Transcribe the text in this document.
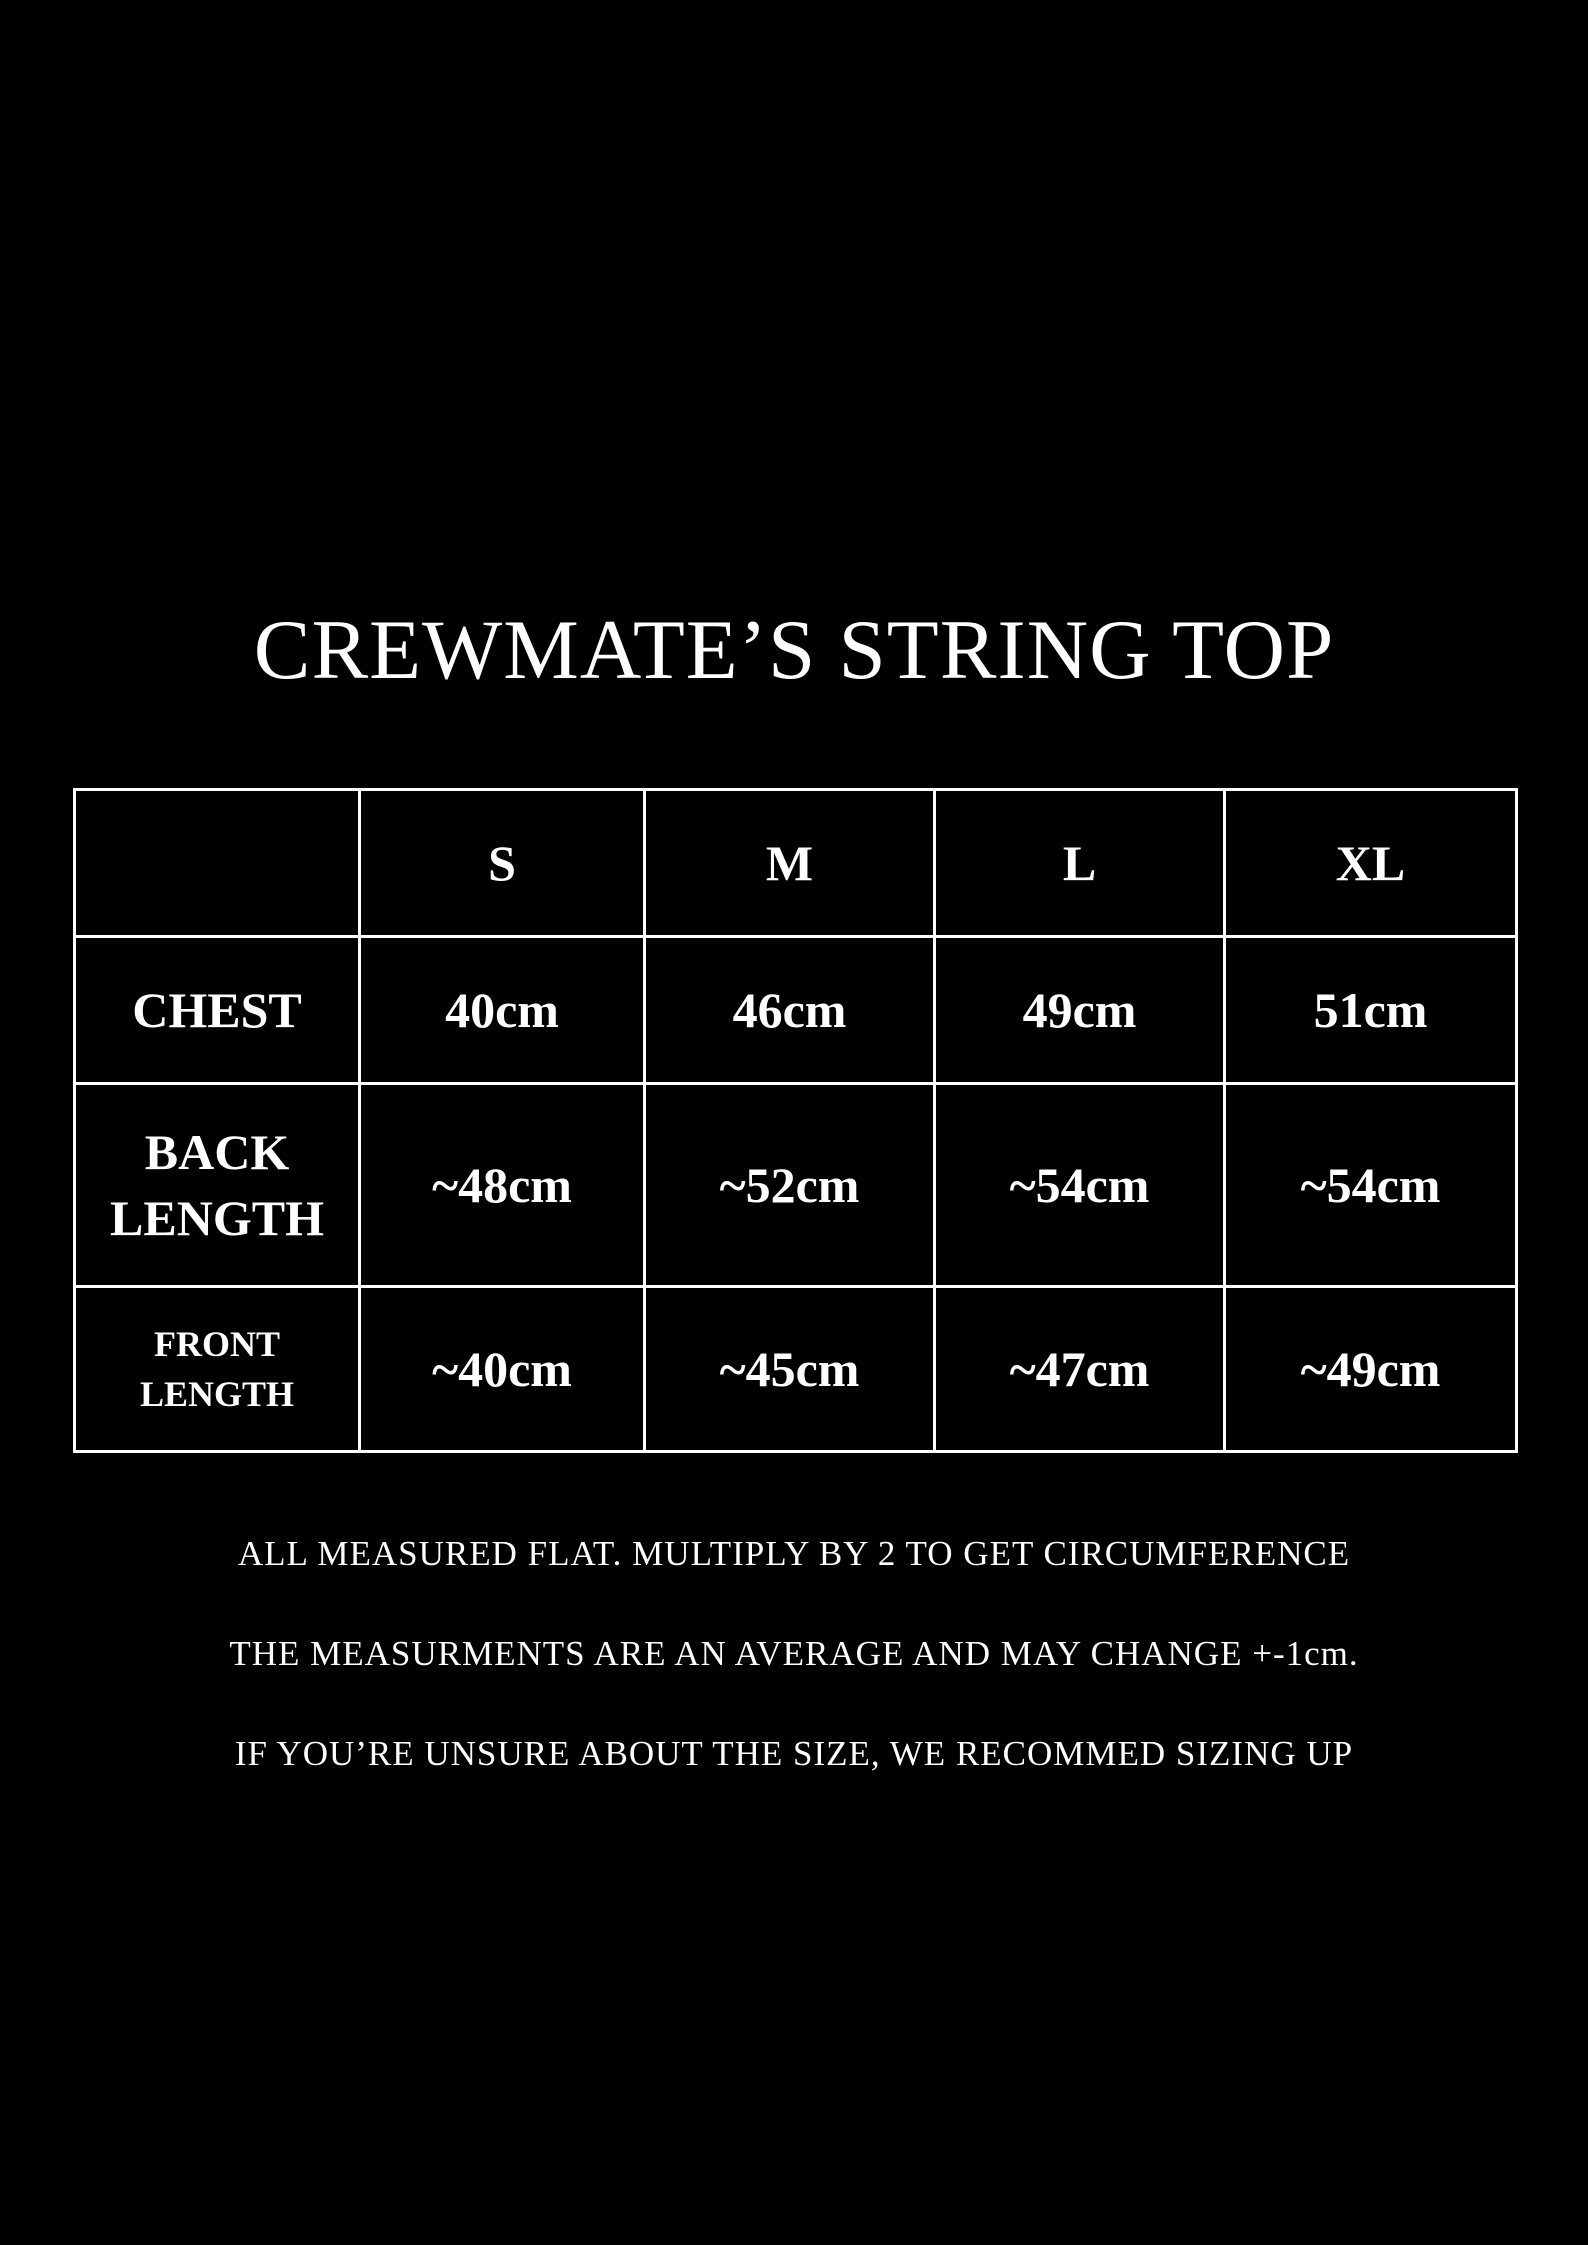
CREWMATE’S STRING TOP
	S	M	L	XL
CHEST	40cm	46cm	49cm	51cm
BACK
LENGTH	~48cm	~52cm	~54cm	~54cm
FRONT
LENGTH	~40cm	~45cm	~47cm	~49cm

ALL MEASURED FLAT. MULTIPLY BY 2 TO GET CIRCUMFERENCE

THE MEASURMENTS ARE AN AVERAGE AND MAY CHANGE +-1cm.

IF YOU’RE UNSURE ABOUT THE SIZE, WE RECOMMED SIZING UP
